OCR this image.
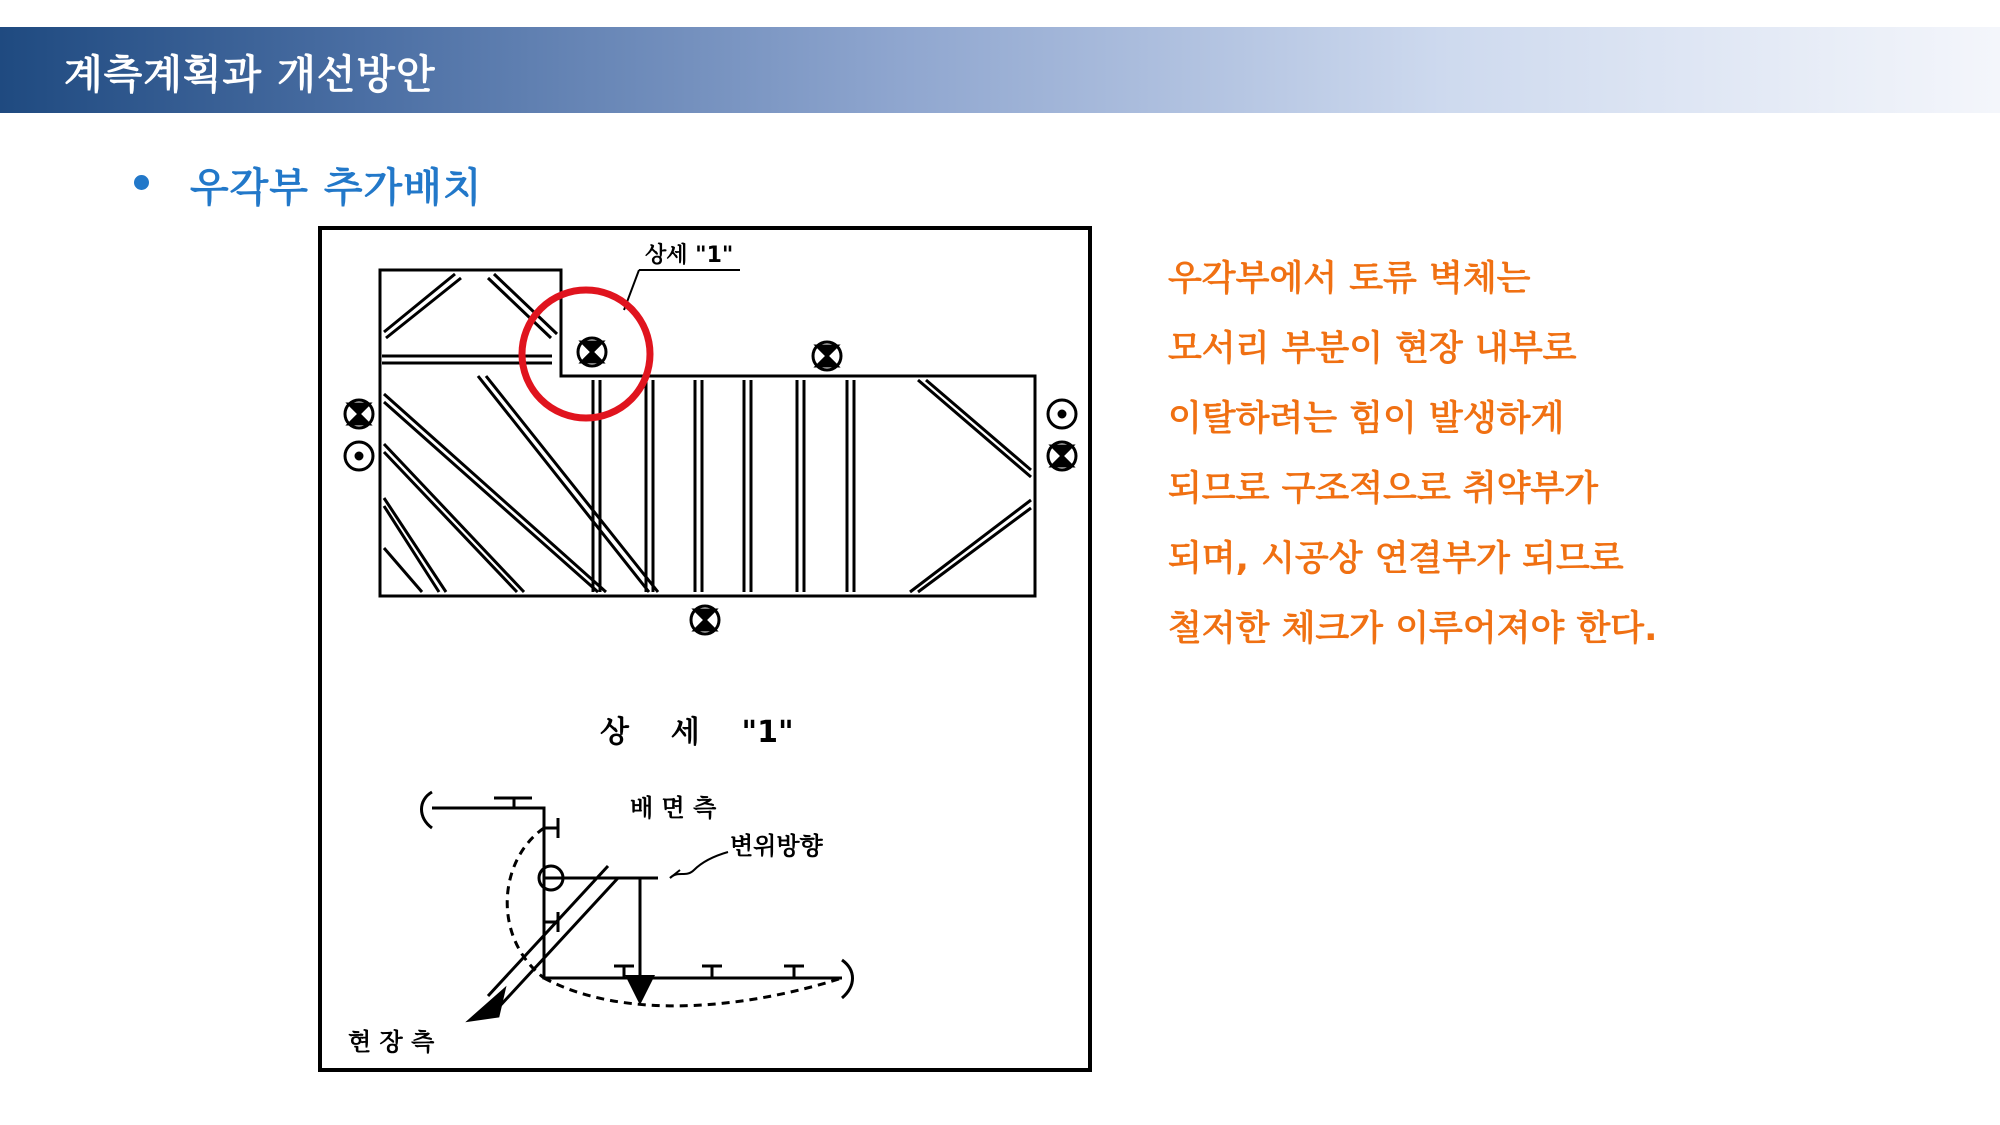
계측계획과 개선방안
우각부 추가배치
상세 "1"
상    세    "1"
배 면 측
변위방향
현 장 측
우각부에서 토류 벽체는
모서리 부분이 현장 내부로
이탈하려는 힘이 발생하게
되므로 구조적으로 취약부가
되며, 시공상 연결부가 되므로
철저한 체크가 이루어져야 한다.
